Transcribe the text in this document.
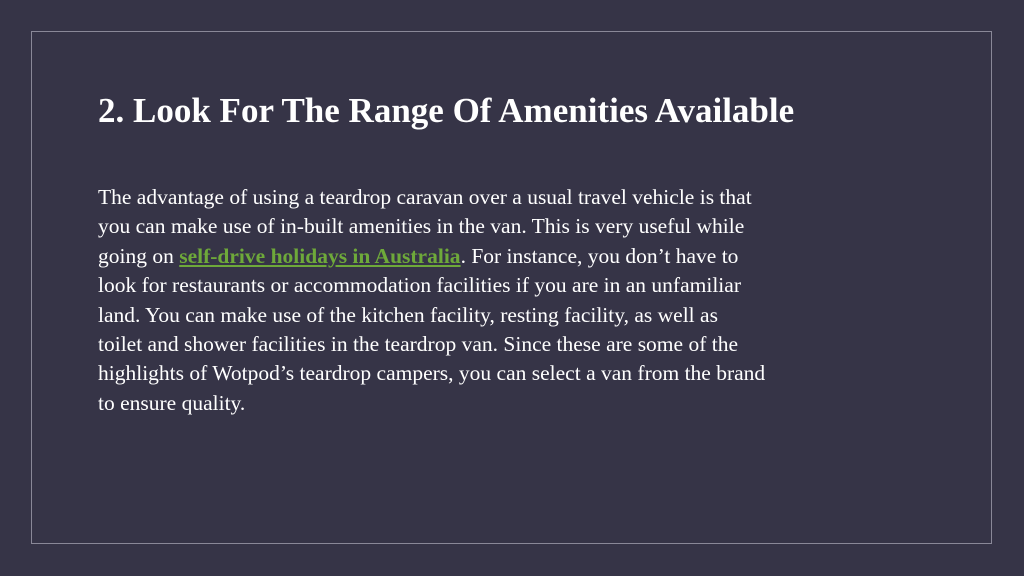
2. Look For The Range Of Amenities Available

The advantage of using a teardrop caravan over a usual travel vehicle is that
you can make use of in-built amenities in the van. This is very useful while
going on self-drive holidays in Australia. For instance, you don’t have to
look for restaurants or accommodation facilities if you are in an unfamiliar
land. You can make use of the kitchen facility, resting facility, as well as
toilet and shower facilities in the teardrop van. Since these are some of the
highlights of Wotpod’s teardrop campers, you can select a van from the brand
to ensure quality.
